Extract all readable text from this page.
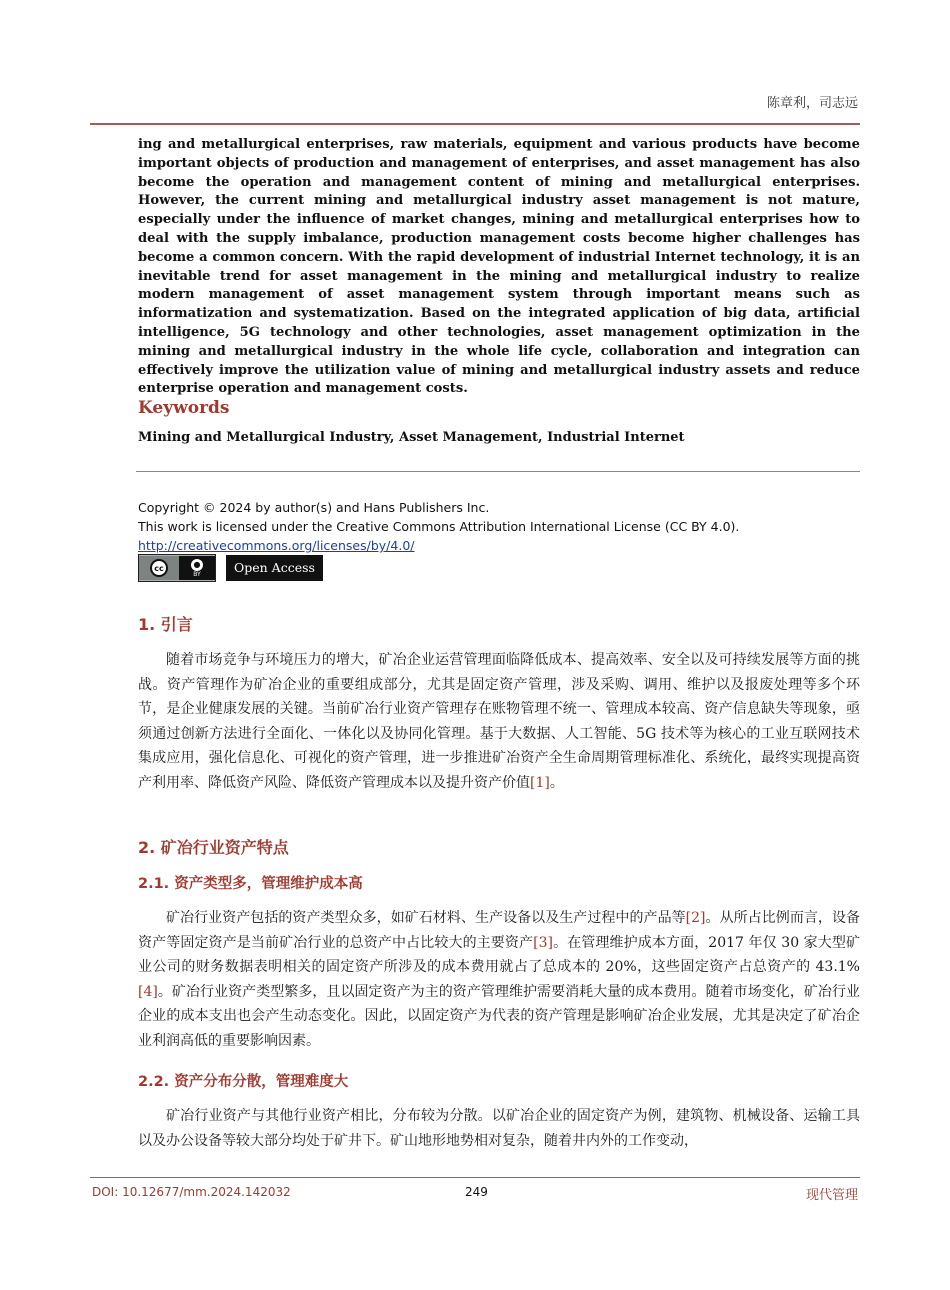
陈章利，司志远

ing and metallurgical enterprises, raw materials, equipment and various products have become important objects of production and management of enterprises, and asset management has also become the operation and management content of mining and metallurgical enterprises. However, the current mining and metallurgical industry asset management is not mature, especially under the influence of market changes, mining and metallurgical enterprises how to deal with the supply imbalance, production management costs become higher challenges has become a common concern. With the rapid development of industrial Internet technology, it is an inevitable trend for asset management in the mining and metallurgical industry to realize modern management of asset management system through important means such as informatization and systematization. Based on the integrated application of big data, artificial intelligence, 5G technology and other technologies, asset management optimization in the mining and metallurgical industry in the whole life cycle, collaboration and integration can effectively improve the utilization value of mining and metallurgical industry assets and reduce enterprise operation and management costs.

Keywords
Mining and Metallurgical Industry, Asset Management, Industrial Internet
Copyright © 2024 by author(s) and Hans Publishers Inc.
This work is licensed under the Creative Commons Attribution International License (CC BY 4.0).
http://creativecommons.org/licenses/by/4.0/
cc	●
BY	Open Access
1. 引言

随着市场竞争与环境压力的增大，矿冶企业运营管理面临降低成本、提高效率、安全以及可持续发展等方面的挑战。资产管理作为矿冶企业的重要组成部分，尤其是固定资产管理，涉及采购、调用、维护以及报废处理等多个环节，是企业健康发展的关键。当前矿冶行业资产管理存在账物管理不统一、管理成本较高、资产信息缺失等现象，亟须通过创新方法进行全面化、一体化以及协同化管理。基于大数据、人工智能、5G 技术等为核心的工业互联网技术集成应用，强化信息化、可视化的资产管理，进一步推进矿冶资产全生命周期管理标准化、系统化，最终实现提高资产利用率、降低资产风险、降低资产管理成本以及提升资产价值[1]。

2. 矿冶行业资产特点
2.1. 资产类型多，管理维护成本高

矿冶行业资产包括的资产类型众多，如矿石材料、生产设备以及生产过程中的产品等[2]。从所占比例而言，设备资产等固定资产是当前矿冶行业的总资产中占比较大的主要资产[3]。在管理维护成本方面，2017 年仅 30 家大型矿业公司的财务数据表明相关的固定资产所涉及的成本费用就占了总成本的 20%，这些固定资产占总资产的 43.1% [4]。矿冶行业资产类型繁多，且以固定资产为主的资产管理维护需要消耗大量的成本费用。随着市场变化，矿冶行业企业的成本支出也会产生动态变化。因此，以固定资产为代表的资产管理是影响矿冶企业发展，尤其是决定了矿冶企业利润高低的重要影响因素。

2.2. 资产分布分散，管理难度大

矿冶行业资产与其他行业资产相比，分布较为分散。以矿冶企业的固定资产为例，建筑物、机械设备、运输工具以及办公设备等较大部分均处于矿井下。矿山地形地势相对复杂，随着井内外的工作变动，

DOI: 10.12677/mm.2024.142032	249	现代管理
